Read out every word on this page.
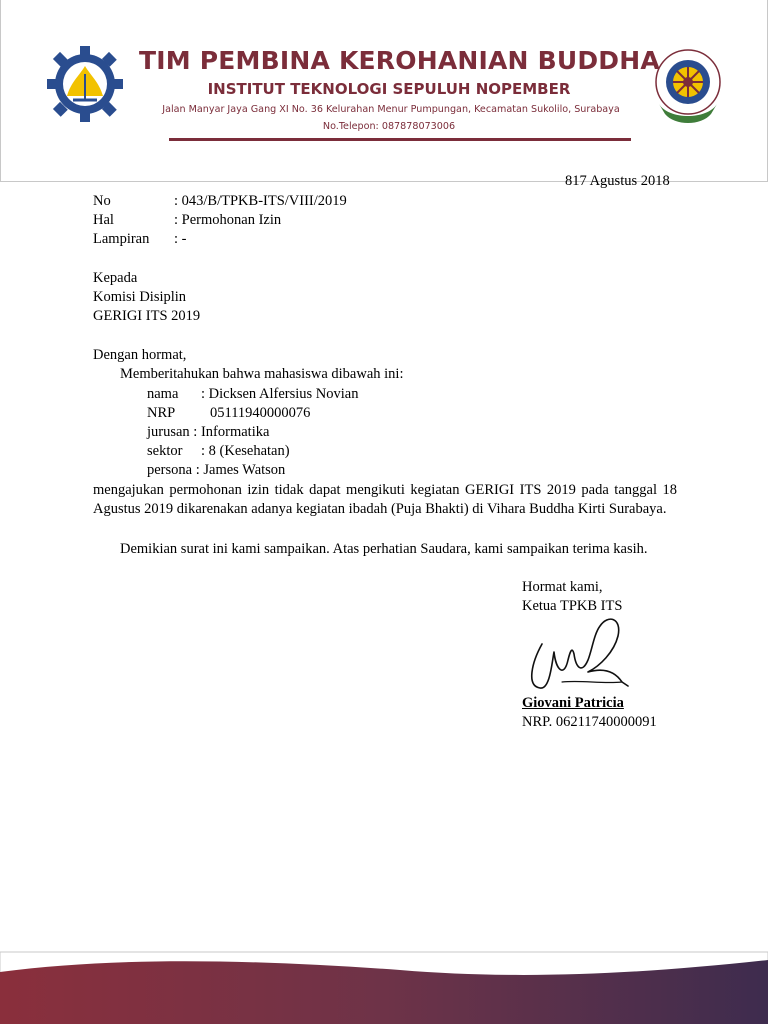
TIM PEMBINA KEROHANIAN BUDDHA
INSTITUT TEKNOLOGI SEPULUH NOPEMBER
Jalan Manyar Jaya Gang XI No. 36 Kelurahan Menur Pumpungan, Kecamatan Sukolilo, Surabaya
No.Telepon: 087878073006
817 Agustus 2018
No	: 043/B/TPKB-ITS/VIII/2019
Hal	: Permohonan Izin
Lampiran : -
Kepada
Komisi Disiplin
GERIGI ITS 2019
Dengan hormat,
Memberitahukan bahwa mahasiswa dibawah ini:
nama : Dicksen Alfersius Novian
NRP 05111940000076
jurusan : Informatika
sektor : 8 (Kesehatan)
persona : James Watson
mengajukan permohonan izin tidak dapat mengikuti kegiatan GERIGI ITS 2019 pada tanggal 18 Agustus 2019 dikarenakan adanya kegiatan ibadah (Puja Bhakti) di Vihara Buddha Kirti Surabaya.
Demikian surat ini kami sampaikan. Atas perhatian Saudara, kami sampaikan terima kasih.
Hormat kami,
Ketua TPKB ITS
Giovani Patricia
NRP. 06211740000091
